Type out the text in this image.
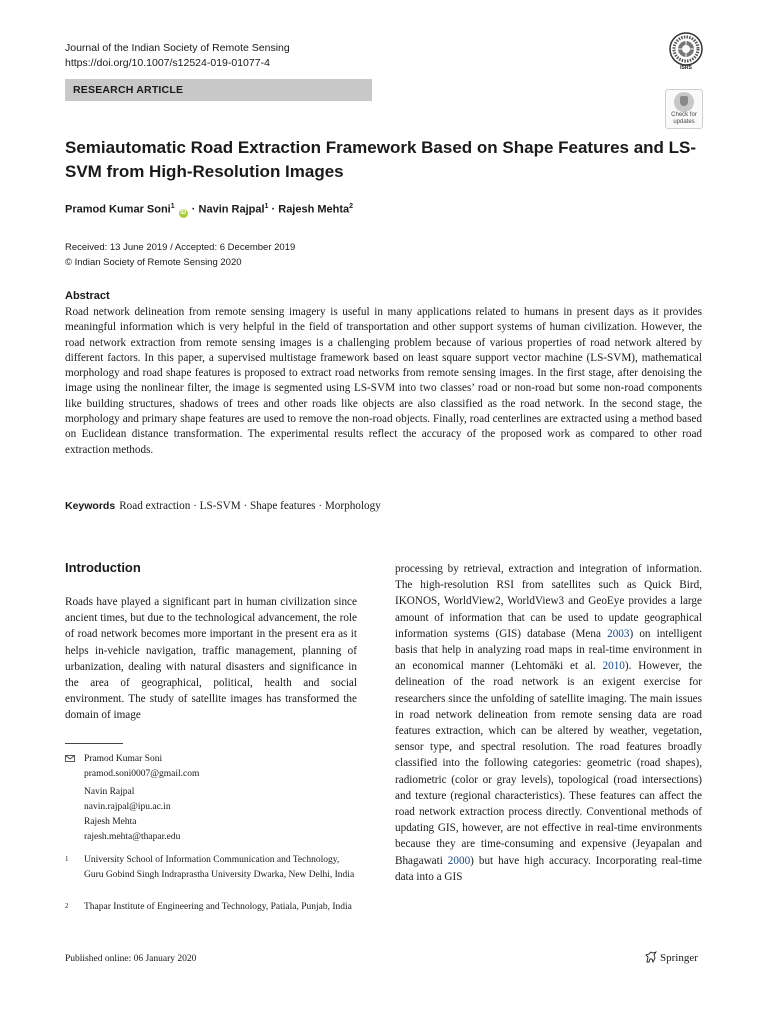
Journal of the Indian Society of Remote Sensing
https://doi.org/10.1007/s12524-019-01077-4	ISRS
RESEARCH ARTICLE
Check for
updates
Semiautomatic Road Extraction Framework Based on Shape Features and LS-SVM from High-Resolution Images
Pramod Kumar Soni$^1$ iD · Navin Rajpal$^1$ · Rajesh Mehta$^2$
Received: 13 June 2019 / Accepted: 6 December 2019
© Indian Society of Remote Sensing 2020
Abstract
Road network delineation from remote sensing imagery is useful in many applications related to humans in present days as it provides meaningful information which is very helpful in the field of transportation and other support systems of human civilization. However, the road network extraction from remote sensing images is a challenging problem because of various properties of road network altered by different factors. In this paper, a supervised multistage framework based on least square support vector machine (LS-SVM), mathematical morphology and road shape features is proposed to extract road networks from remote sensing images. In the first stage, after denoising the image using the nonlinear filter, the image is segmented using LS-SVM into two classes’ road or non-road but some non-road components like building structures, shadows of trees and other roads like objects are also classified as the road network. In the second stage, the morphology and primary shape features are used to remove the non-road objects. Finally, road centerlines are extracted using a method based on Euclidean distance transformation. The experimental results reflect the accuracy of the proposed work as compared to other road extraction methods.
Keywords Road extraction · LS-SVM · Shape features · Morphology
Introduction
Roads have played a significant part in human civilization since ancient times, but due to the technological advancement, the role of road network becomes more important in the present era as it helps in-vehicle navigation, traffic management, planning of urbanization, dealing with natural disasters and significance in the area of geographical, political, health and social environment. The study of satellite images has transformed the domain of image
processing by retrieval, extraction and integration of information. The high-resolution RSI from satellites such as Quick Bird, IKONOS, WorldView2, WorldView3 and GeoEye provides a large amount of information that can be used to update geographical information systems (GIS) database (Mena 2003) on intelligent basis that help in analyzing road maps in real-time environment in an economical manner (Lehtomäki et al. 2010). However, the delineation of the road network is an exigent exercise for researchers since the unfolding of satellite imaging. The main issues in road network delineation from remote sensing data are road features extraction, which can be altered by weather, vegetation, sensor type, and spectral resolution. The road features broadly classified into the following categories: geometric (road shapes), radiometric (color or gray levels), topological (road intersections) and texture (regional characteristics). These features can affect the road network extraction process directly. Conventional methods of updating GIS, however, are not effective in real-time environments because they are time-consuming and expensive (Jeyapalan and Bhagawati 2000) but have high accuracy. Incorporating real-time data into a GIS
Pramod Kumar Soni
pramod.soni0007@gmail.com
Navin Rajpal
navin.rajpal@ipu.ac.in
Rajesh Mehta
rajesh.mehta@thapar.edu
1 University School of Information Communication and Technology, Guru Gobind Singh Indraprastha University Dwarka, New Delhi, India
2 Thapar Institute of Engineering and Technology, Patiala, Punjab, India
Published online: 06 January 2020	Springer
